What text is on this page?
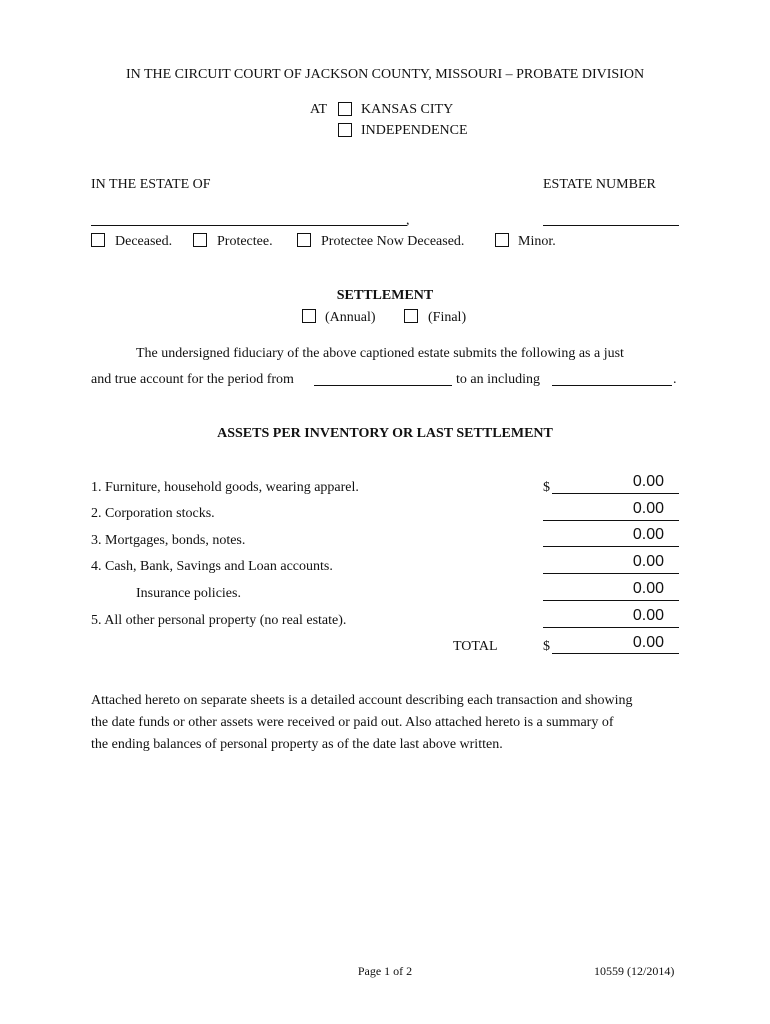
IN THE CIRCUIT COURT OF JACKSON COUNTY, MISSOURI – PROBATE DIVISION
AT KANSAS CITY
INDEPENDENCE
IN THE ESTATE OF	ESTATE NUMBER
,
Deceased.	Protectee.	Protectee Now Deceased.	Minor.
SETTLEMENT
(Annual)	(Final)
The undersigned fiduciary of the above captioned estate submits the following as a just
and true account for the period from	to an including	.
ASSETS PER INVENTORY OR LAST SETTLEMENT
1. Furniture, household goods, wearing apparel.	$	0.00
2. Corporation stocks.	0.00
3. Mortgages, bonds, notes.	0.00
4. Cash, Bank, Savings and Loan accounts.	0.00
Insurance policies.	0.00
5. All other personal property (no real estate).	0.00
TOTAL	$	0.00
Attached hereto on separate sheets is a detailed account describing each transaction and showing
the date funds or other assets were received or paid out. Also attached hereto is a summary of
the ending balances of personal property as of the date last above written.
Page 1 of 2	10559 (12/2014)
